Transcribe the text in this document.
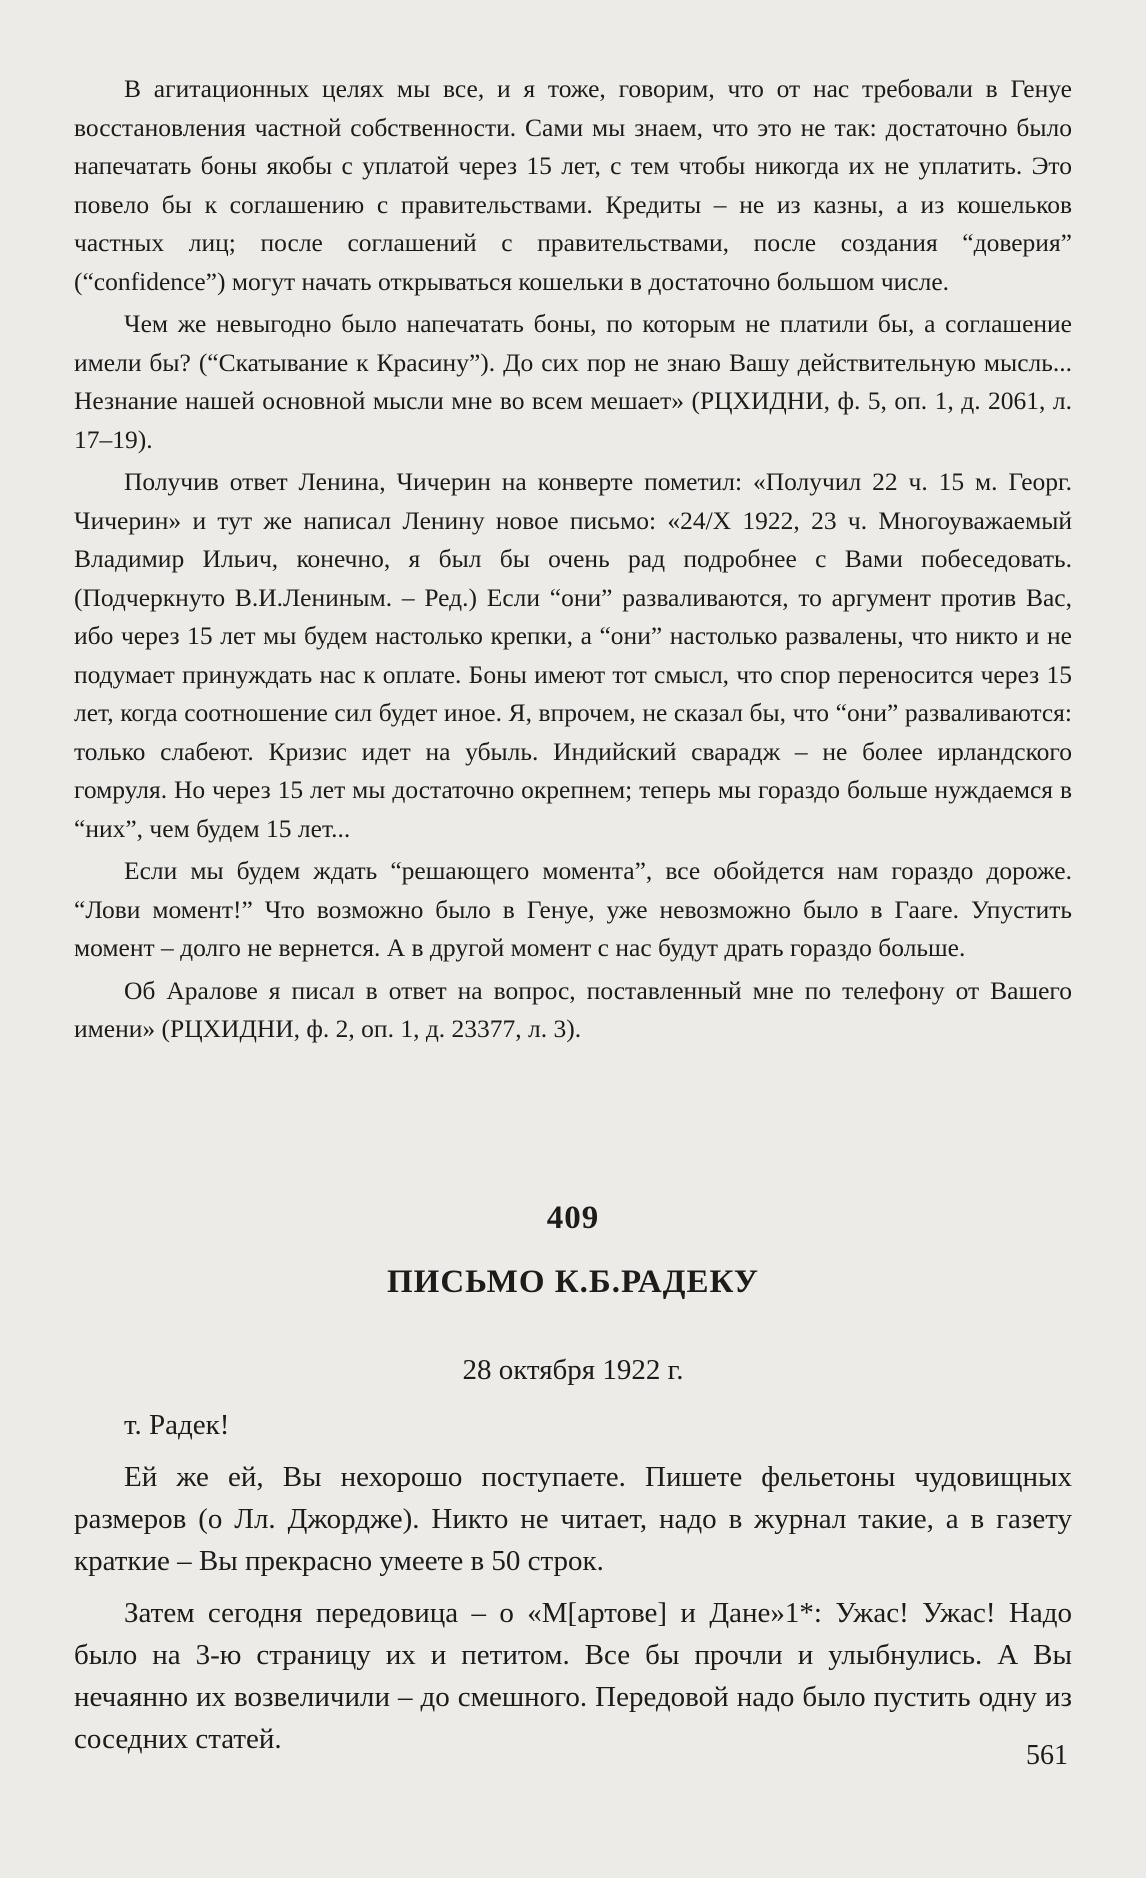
В агитационных целях мы все, и я тоже, говорим, что от нас требовали в Генуе восстановления частной собственности. Сами мы знаем, что это не так: достаточно было напечатать боны якобы с уплатой через 15 лет, с тем чтобы никогда их не уплатить. Это повело бы к соглашению с правительствами. Кредиты – не из казны, а из кошельков частных лиц; после соглашений с правительствами, после создания “доверия” (“confidence”) могут начать открываться кошельки в достаточно большом числе.

Чем же невыгодно было напечатать боны, по которым не платили бы, а соглашение имели бы? (“Скатывание к Красину”). До сих пор не знаю Вашу действительную мысль... Незнание нашей основной мысли мне во всем мешает» (РЦХИДНИ, ф. 5, оп. 1, д. 2061, л. 17–19).

Получив ответ Ленина, Чичерин на конверте пометил: «Получил 22 ч. 15 м. Георг. Чичерин» и тут же написал Ленину новое письмо: «24/X 1922, 23 ч. Многоуважаемый Владимир Ильич, конечно, я был бы очень рад подробнее с Вами побеседовать. (Подчеркнуто В.И.Лениным. – Ред.) Если “они” разваливаются, то аргумент против Вас, ибо через 15 лет мы будем настолько крепки, а “они” настолько развалены, что никто и не подумает принуждать нас к оплате. Боны имеют тот смысл, что спор переносится через 15 лет, когда соотношение сил будет иное. Я, впрочем, не сказал бы, что “они” разваливаются: только слабеют. Кризис идет на убыль. Индийский сварадж – не более ирландского гомруля. Но через 15 лет мы достаточно окрепнем; теперь мы гораздо больше нуждаемся в “них”, чем будем 15 лет...

Если мы будем ждать “решающего момента”, все обойдется нам гораздо дороже. “Лови момент!” Что возможно было в Генуе, уже невозможно было в Гааге. Упустить момент – долго не вернется. А в другой момент с нас будут драть гораздо больше.

Об Аралове я писал в ответ на вопрос, поставленный мне по телефону от Вашего имени» (РЦХИДНИ, ф. 2, оп. 1, д. 23377, л. 3).

409
ПИСЬМО К.Б.РАДЕКУ
28 октября 1922 г.

т. Радек!

Ей же ей, Вы нехорошо поступаете. Пишете фельетоны чудовищных размеров (о Лл. Джордже). Никто не читает, надо в журнал такие, а в газету краткие – Вы прекрасно умеете в 50 строк.

Затем сегодня передовица – о «М[артове] и Дане»1*: Ужас! Ужас! Надо было на 3-ю страницу их и петитом. Все бы прочли и улыбнулись. А Вы нечаянно их возвеличили – до смешного. Передовой надо было пустить одну из соседних статей.

561
